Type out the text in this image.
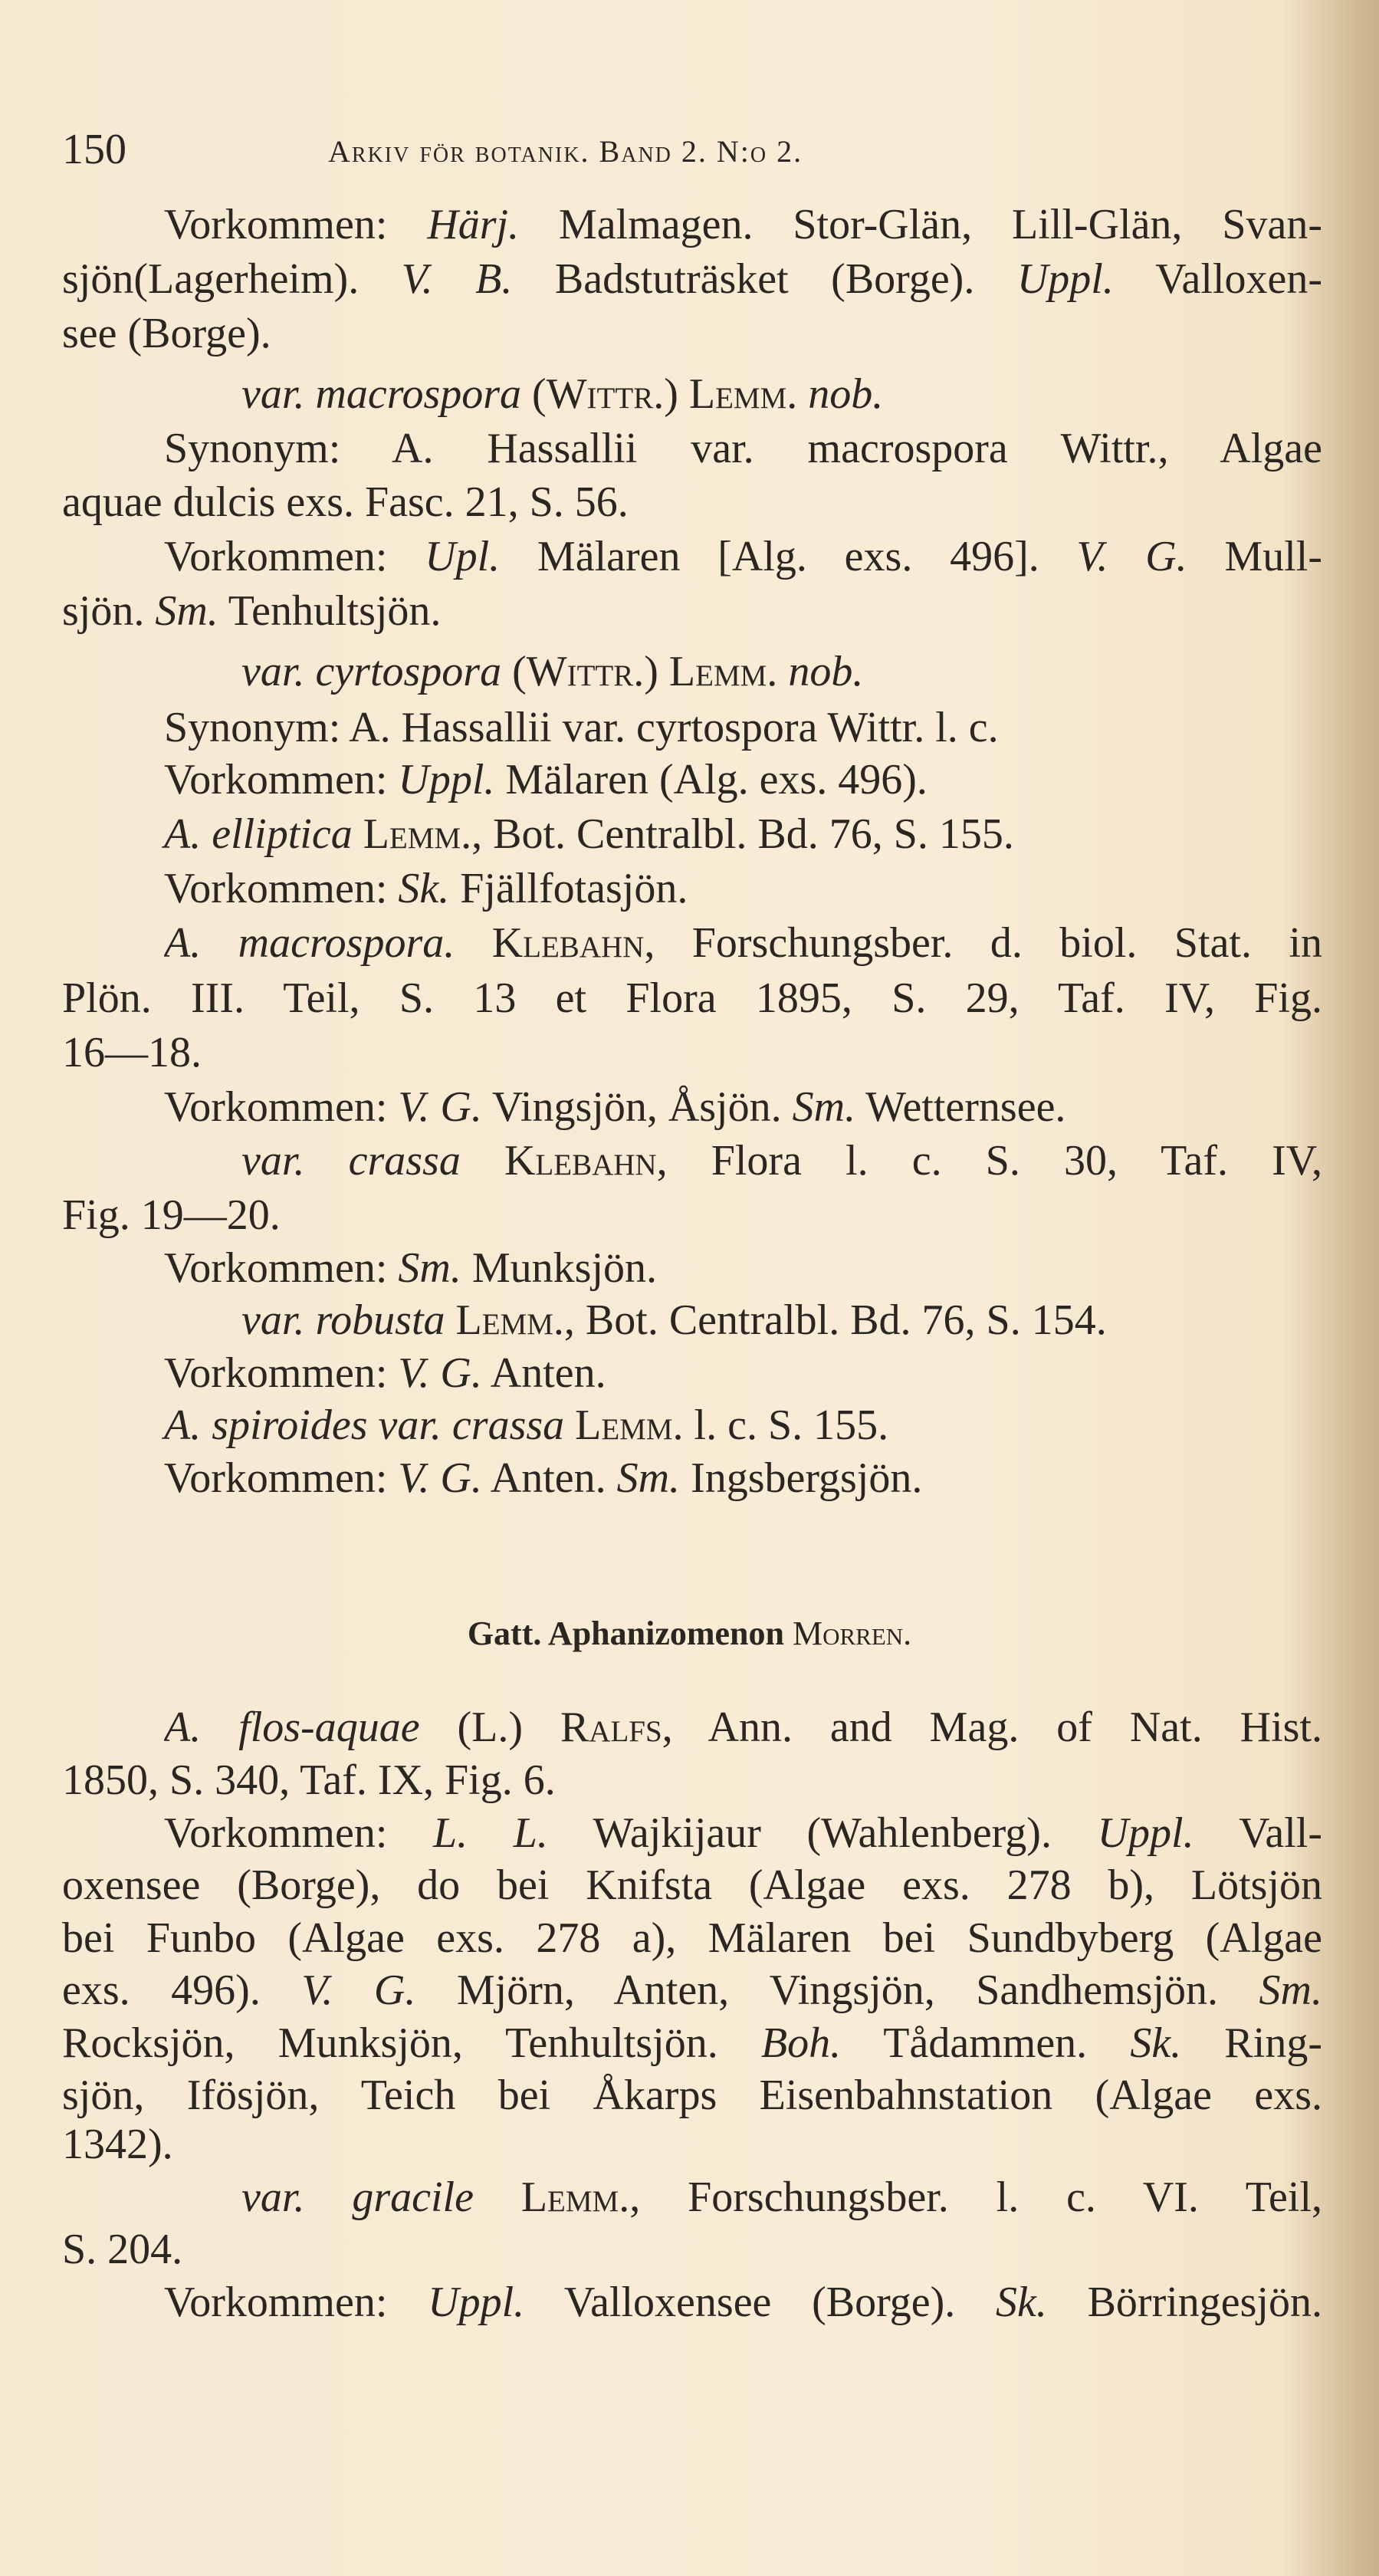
150	Arkiv för botanik. Band 2. N:o 2.
Vorkommen: Härj. Malmagen. Stor-Glän, Lill-Glän, Svan-
sjön(Lagerheim). V. B. Badstuträsket (Borge). Uppl. Valloxen-
see (Borge).
var. macrospora (Wittr.) Lemm. nob.
Synonym: A. Hassallii var. macrospora Wittr., Algae
aquae dulcis exs. Fasc. 21, S. 56.
Vorkommen: Upl. Mälaren [Alg. exs. 496]. V. G. Mull-
sjön. Sm. Tenhultsjön.
var. cyrtospora (Wittr.) Lemm. nob.
Synonym: A. Hassallii var. cyrtospora Wittr. l. c.
Vorkommen: Uppl. Mälaren (Alg. exs. 496).
A. elliptica Lemm., Bot. Centralbl. Bd. 76, S. 155.
Vorkommen: Sk. Fjällfotasjön.
A. macrospora. Klebahn, Forschungsber. d. biol. Stat. in
Plön. III. Teil, S. 13 et Flora 1895, S. 29, Taf. IV, Fig.
16—18.
Vorkommen: V. G. Vingsjön, Åsjön. Sm. Wetternsee.
var. crassa Klebahn, Flora l. c. S. 30, Taf. IV,
Fig. 19—20.
Vorkommen: Sm. Munksjön.
var. robusta Lemm., Bot. Centralbl. Bd. 76, S. 154.
Vorkommen: V. G. Anten.
A. spiroides var. crassa Lemm. l. c. S. 155.
Vorkommen: V. G. Anten. Sm. Ingsbergsjön.
A. flos-aquae (L.) Ralfs, Ann. and Mag. of Nat. Hist.
1850, S. 340, Taf. IX, Fig. 6.
Vorkommen: L. L. Wajkijaur (Wahlenberg). Uppl. Vall-
oxensee (Borge), do bei Knifsta (Algae exs. 278 b), Lötsjön
bei Funbo (Algae exs. 278 a), Mälaren bei Sundbyberg (Algae
exs. 496). V. G. Mjörn, Anten, Vingsjön, Sandhemsjön. Sm.
Rocksjön, Munksjön, Tenhultsjön. Boh. Tådammen. Sk. Ring-
sjön, Ifösjön, Teich bei Åkarps Eisenbahnstation (Algae exs.
1342).
var. gracile Lemm., Forschungsber. l. c. VI. Teil,
S. 204.
Vorkommen: Uppl. Valloxensee (Borge). Sk. Börringesjön.
Gatt. Aphanizomenon Morren.
